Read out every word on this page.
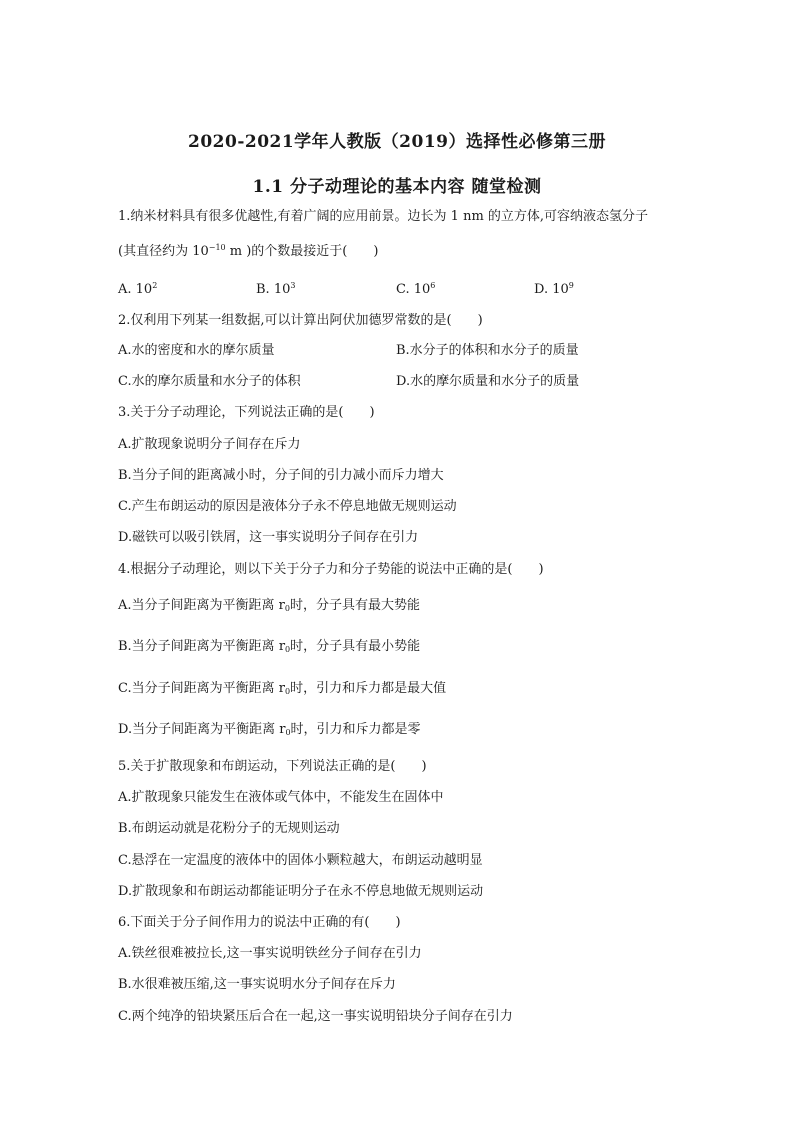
2020-2021学年人教版（2019）选择性必修第三册
1.1 分子动理论的基本内容 随堂检测
1.纳米材料具有很多优越性,有着广阔的应用前景。边长为 1 nm 的立方体,可容纳液态氢分子
(其直径约为 $10^{-10}$ m )的个数最接近于( )
A. $10^2$	B. $10^3$	C. $10^6$	D. $10^9$
2.仅利用下列某一组数据,可以计算出阿伏加德罗常数的是( )
A.水的密度和水的摩尔质量	B.水分子的体积和水分子的质量
C.水的摩尔质量和水分子的体积	D.水的摩尔质量和水分子的质量
3.关于分子动理论，下列说法正确的是( )
A.扩散现象说明分子间存在斥力
B.当分子间的距离减小时，分子间的引力减小而斥力增大
C.产生布朗运动的原因是液体分子永不停息地做无规则运动
D.磁铁可以吸引铁屑，这一事实说明分子间存在引力
4.根据分子动理论，则以下关于分子力和分子势能的说法中正确的是( )
A.当分子间距离为平衡距离 $r_0$时，分子具有最大势能
B.当分子间距离为平衡距离 $r_0$时，分子具有最小势能
C.当分子间距离为平衡距离 $r_0$时，引力和斥力都是最大值
D.当分子间距离为平衡距离 $r_0$时，引力和斥力都是零
5.关于扩散现象和布朗运动，下列说法正确的是( )
A.扩散现象只能发生在液体或气体中，不能发生在固体中
B.布朗运动就是花粉分子的无规则运动
C.悬浮在一定温度的液体中的固体小颗粒越大，布朗运动越明显
D.扩散现象和布朗运动都能证明分子在永不停息地做无规则运动
6.下面关于分子间作用力的说法中正确的有( )
A.铁丝很难被拉长,这一事实说明铁丝分子间存在引力
B.水很难被压缩,这一事实说明水分子间存在斥力
C.两个纯净的铅块紧压后合在一起,这一事实说明铅块分子间存在引力
